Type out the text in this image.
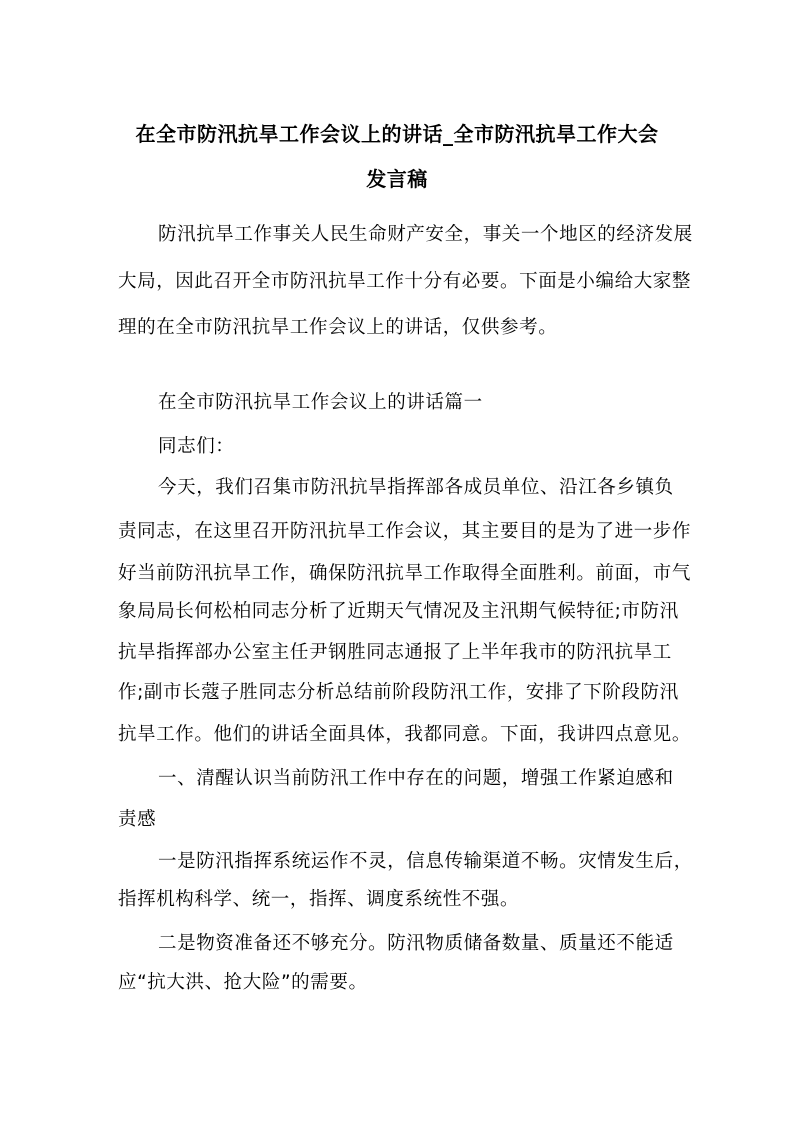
在全市防汛抗旱工作会议上的讲话_全市防汛抗旱工作大会
发言稿
防汛抗旱工作事关人民生命财产安全，事关一个地区的经济发展
大局，因此召开全市防汛抗旱工作十分有必要。下面是小编给大家整
理的在全市防汛抗旱工作会议上的讲话，仅供参考。
在全市防汛抗旱工作会议上的讲话篇一
同志们：
今天，我们召集市防汛抗旱指挥部各成员单位、沿江各乡镇负
责同志，在这里召开防汛抗旱工作会议，其主要目的是为了进一步作
好当前防汛抗旱工作，确保防汛抗旱工作取得全面胜利。前面，市气
象局局长何松柏同志分析了近期天气情况及主汛期气候特征;市防汛
抗旱指挥部办公室主任尹钢胜同志通报了上半年我市的防汛抗旱工
作;副市长蔻子胜同志分析总结前阶段防汛工作，安排了下阶段防汛
抗旱工作。他们的讲话全面具体，我都同意。下面，我讲四点意见。
一、清醒认识当前防汛工作中存在的问题，增强工作紧迫感和
责感
一是防汛指挥系统运作不灵，信息传输渠道不畅。灾情发生后，
指挥机构科学、统一，指挥、调度系统性不强。
二是物资准备还不够充分。防汛物质储备数量、质量还不能适
应“抗大洪、抢大险”的需要。
